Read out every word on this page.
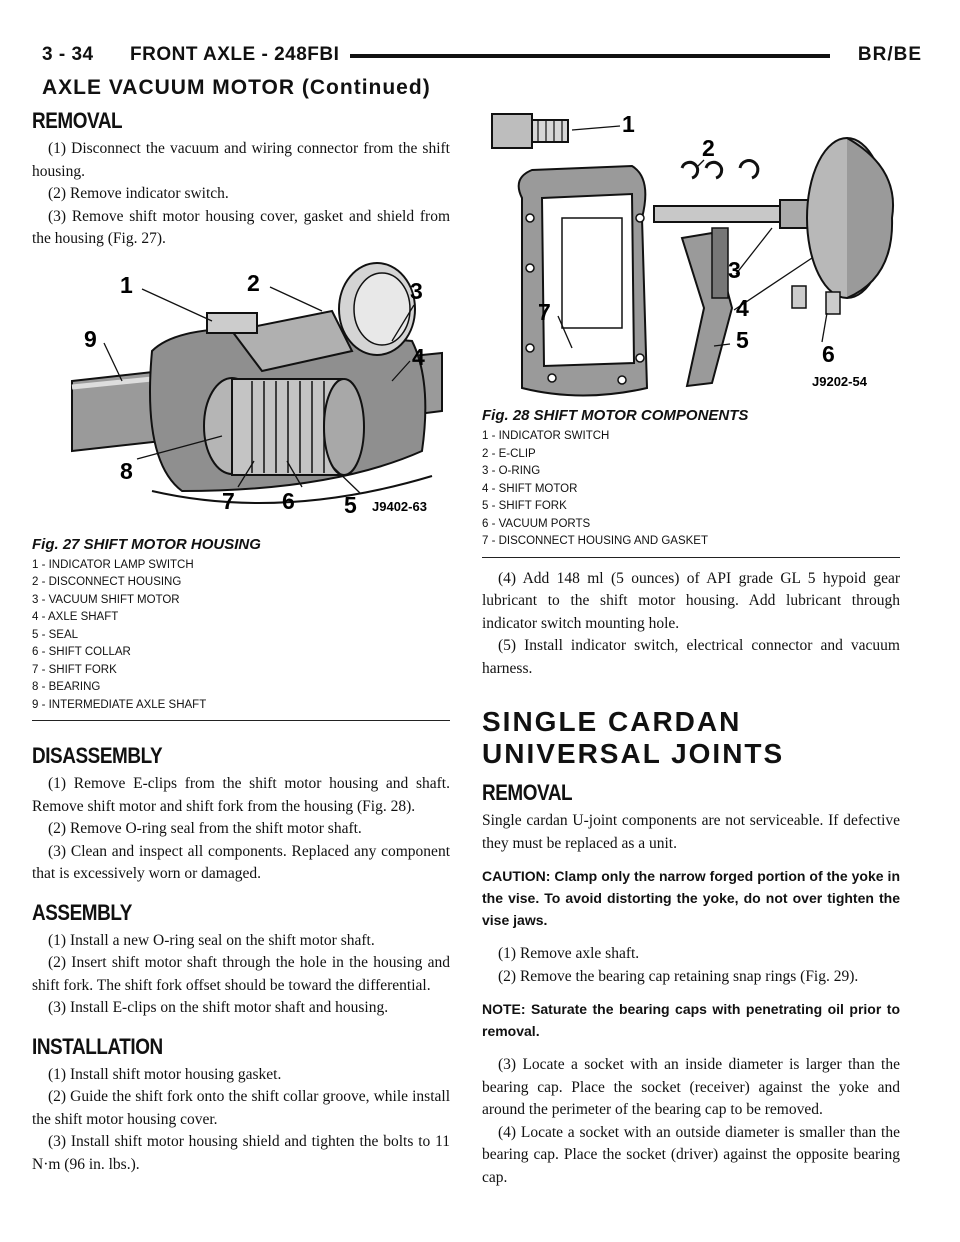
3 - 34 FRONT AXLE - 248FBI	BR/BE
AXLE VACUUM MOTOR (Continued)
REMOVAL

(1) Disconnect the vacuum and wiring connector from the shift housing.

(2) Remove indicator switch.

(3) Remove shift motor housing cover, gasket and shield from the housing (Fig. 27).

1	2	3
4
5
6
7
8
9
J9402-63
Fig. 27 SHIFT MOTOR HOUSING
1 - INDICATOR LAMP SWITCH
2 - DISCONNECT HOUSING
3 - VACUUM SHIFT MOTOR
4 - AXLE SHAFT
5 - SEAL
6 - SHIFT COLLAR
7 - SHIFT FORK
8 - BEARING
9 - INTERMEDIATE AXLE SHAFT
DISASSEMBLY

(1) Remove E-clips from the shift motor housing and shaft. Remove shift motor and shift fork from the housing (Fig. 28).

(2) Remove O-ring seal from the shift motor shaft.

(3) Clean and inspect all components. Replaced any component that is excessively worn or damaged.

ASSEMBLY

(1) Install a new O-ring seal on the shift motor shaft.

(2) Insert shift motor shaft through the hole in the housing and shift fork. The shift fork offset should be toward the differential.

(3) Install E-clips on the shift motor shaft and housing.

INSTALLATION

(1) Install shift motor housing gasket.

(2) Guide the shift fork onto the shift collar groove, while install the shift motor housing cover.

(3) Install shift motor housing shield and tighten the bolts to 11 N·m (96 in. lbs.).

1
2
3
4
5
6
7
J9202-54
Fig. 28 SHIFT MOTOR COMPONENTS
1 - INDICATOR SWITCH
2 - E-CLIP
3 - O-RING
4 - SHIFT MOTOR
5 - SHIFT FORK
6 - VACUUM PORTS
7 - DISCONNECT HOUSING AND GASKET

(4) Add 148 ml (5 ounces) of API grade GL 5 hypoid gear lubricant to the shift motor housing. Add lubricant through indicator switch mounting hole.

(5) Install indicator switch, electrical connector and vacuum harness.

SINGLE CARDAN UNIVERSAL JOINTS
REMOVAL

Single cardan U-joint components are not serviceable. If defective they must be replaced as a unit.

CAUTION: Clamp only the narrow forged portion of the yoke in the vise. To avoid distorting the yoke, do not over tighten the vise jaws.

(1) Remove axle shaft.

(2) Remove the bearing cap retaining snap rings (Fig. 29).

NOTE: Saturate the bearing caps with penetrating oil prior to removal.

(3) Locate a socket with an inside diameter is larger than the bearing cap. Place the socket (receiver) against the yoke and around the perimeter of the bearing cap to be removed.

(4) Locate a socket with an outside diameter is smaller than the bearing cap. Place the socket (driver) against the opposite bearing cap.
